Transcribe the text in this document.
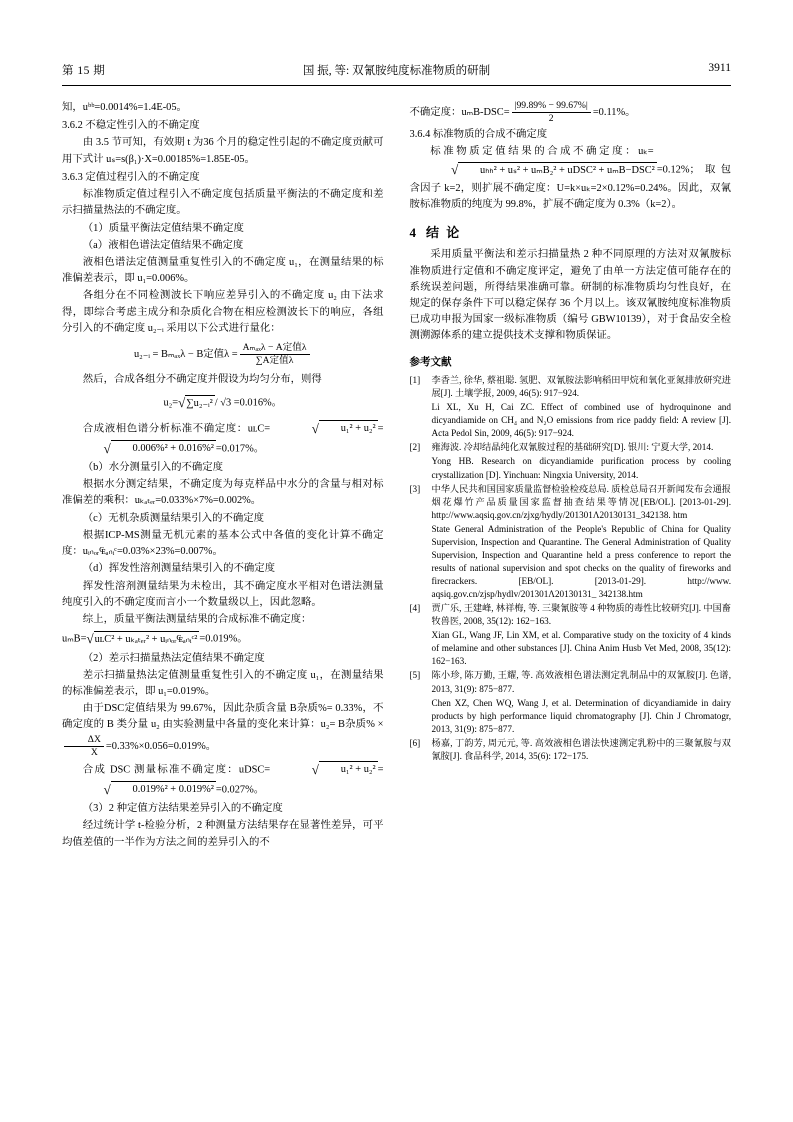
第 15 期	国 振, 等: 双氰胺纯度标准物质的研制	3911

知，uᵇᵇ=0.0014%=1.4E-05。

3.6.2 不稳定性引入的不确定度

由 3.5 节可知，有效期 t 为36 个月的稳定性引起的不确定度贡献可用下式计 uₛ=s(β₁)·X=0.00185%=1.85E-05。

3.6.3 定值过程引入的不确定度

标准物质定值过程引入不确定度包括质量平衡法的不确定度和差示扫描量热法的不确定度。

（1）质量平衡法定值结果不确定度

（a）液相色谱法定值结果不确定度

液相色谱法定值测量重复性引入的不确定度 u₁，在测量结果的标准偏差表示，即 u₁=0.006%。

各组分在不同检测波长下响应差异引入的不确定度 u₂ 由下法求得，即综合考虑主成分和杂质化合物在相应检测波长下的响应，各组分引入的不确定度 u₂₋ᵢ 采用以下公式进行量化：

u₂₋ᵢ = Bₘₐₓλ − B定值$\lambda = \frac{\text{Aₘₐₓλ − A定值λ}}{\text{∑A定值λ}}$

然后，合成各组分不确定度并假设为均匀分布，则得

u₂=√∑u₂₋ᵢ² / √3 =0.016%。

合成液相色谱分析标准不确定度：uʟC=	√ u₁² + u₂² =√ 0.006%² + 0.016%² =0.017%。

（b）水分测量引入的不确定度

根据水分测定结果，不确定度为每克样品中水分的含量与相对标准偏差的乘积：uₖₐₜₑᵣ=0.033%×7%=0.002%。

（c）无机杂质测量结果引入的不确定度

根据ICP-MS测量无机元素的基本公式中各值的变化计算不确定度：uᵢₙₒᵣ₠ₐₙᵢᶜ=0.03%×23%=0.007%。

（d）挥发性溶剂测量结果引入的不确定度

挥发性溶剂测量结果为未检出，其不确定度水平相对色谱法测量纯度引入的不确定度而言小一个数量级以上，因此忽略。

综上，质量平衡法测量结果的合成标准不确定度：

uₘB=√uʟC² + uₖₐₜₑᵣ² + uᵢₙₒᵣ₠ₐₙᵢᶜ² =0.019%。

（2）差示扫描量热法定值结果不确定度

差示扫描量热法定值测量重复性引入的不确定度 u₁，在测量结果的标准偏差表示，即 u₁=0.019%。

由于DSC定值结果为 99.67%，因此杂质含量 B杂质%= 0.33%，不确定度的 B 类分量 u₂ 由实验测量中各量的变化来计算：u₂= B杂质% ×
$\frac{\Delta X}{X} =0.33\%\times 0.056=0.019\%$。

合成 DSC 测量标准不确定度：uDSC=	√ u₁² + u₂² =√ 0.019%² + 0.019%² =0.027%。

（3）2 种定值方法结果差异引入的不确定度

经过统计学 t-检验分析，2 种测量方法结果存在显著性差异，可平均值差值的一半作为方法之间的差异引入的不

不确定度：$u_mB-DSC= \frac{|99.89\% - 99.67\%|}{2} =0.11\%$。

3.6.4 标准物质的合成不确定度

标 准 物 质 定 值 结 果 的 合 成 不 确 定 度 ： uₖ=
√ uₕₕ² + uₛ² + uₘB₂² + uDSC² + uₘB−DSC² =0.12%；取包含因子 k=2，则扩展不确定度：U=k×uₖ=2×0.12%=0.24%。因此，双氰胺标准物质的纯度为 99.8%，扩展不确定度为 0.3%（k=2）。

4 结 论

采用质量平衡法和差示扫描量热 2 种不同原理的方法对双氰胺标准物质进行定值和不确定度评定，避免了由单一方法定值可能存在的系统误差问题，所得结果准确可靠。研制的标准物质均匀性良好，在规定的保存条件下可以稳定保存 36 个月以上。该双氰胺纯度标准物质已成功申报为国家一级标准物质（编号 GBW10139），对于食品安全检测溯源体系的建立提供技术支撑和物质保证。

参考文献
[1]	李香兰, 徐华, 蔡祖聪. 氢肥、双氰胺法影响稻田甲烷和氧化亚氮排放研究进展[J]. 土壤学报, 2009, 46(5): 917−924.
Li XL, Xu H, Cai ZC. Effect of combined use of hydroquinone and dicyandiamide on CH₄ and N₂O emissions from rice paddy field: A review [J]. Acta Pedol Sin, 2009, 46(5): 917−924.
[2]	雍海波. 冷却结晶纯化双氰胺过程的基础研究[D]. 银川: 宁夏大学, 2014.
Yong HB. Research on dicyandiamide purification process by cooling crystallization [D]. Yinchuan: Ningxia University, 2014.
[3]	中华人民共和国国家质量监督检验检疫总局. 质检总局召开新闻发布会通报烟花爆竹产品质量国家监督抽查结果等情况[EB/OL]. [2013-01-29]. http://www.aqsiq.gov.cn/zjxg/hydly/201301Λ20130131_342138. htm
State General Administration of the People's Republic of China for Quality Supervision, Inspection and Quarantine. The General Administration of Quality Supervision, Inspection and Quarantine held a press conference to report the results of national supervision and spot checks on the quality of fireworks and firecrackers. [EB/OL]. [2013-01-29]. http://www. aqsiq.gov.cn/zjsp/hydlv/201301Λ20130131_ 342138.htm
[4]	贾广乐, 王建峰, 林祥梅, 等. 三聚氰胺等 4 种物质的毒性比较研究[J]. 中国畜牧兽医, 2008, 35(12): 162−163.
Xian GL, Wang JF, Lin XM, et al. Comparative study on the toxicity of 4 kinds of melamine and other substances [J]. China Anim Husb Vet Med, 2008, 35(12): 162−163.
[5]	陈小珍, 陈万勤, 王耀, 等. 高效液相色谱法测定乳制品中的双氰胺[J]. 色谱, 2013, 31(9): 875−877.
Chen XZ, Chen WQ, Wang J, et al. Determination of dicyandiamide in dairy products by high performance liquid chromatography [J]. Chin J Chromatogr, 2013, 31(9): 875−877.
[6]	杨嘉, 丁韵芳, 周元元, 等. 高效液相色谱法快速测定乳粉中的三聚氰胺与双氰胺[J]. 食品科学, 2014, 35(6): 172−175.
